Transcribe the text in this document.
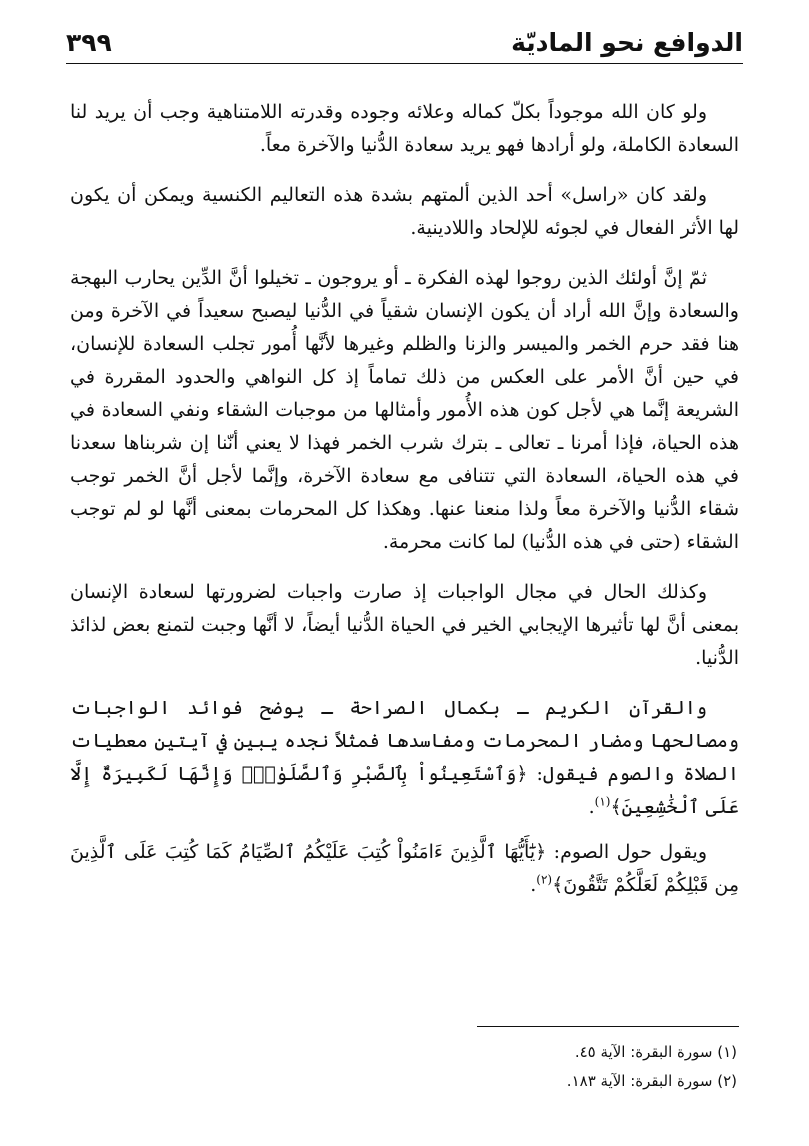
الدوافع نحو الماديّة
٣٩٩

ولو كان الله موجوداً بكلّ كماله وعلائه وجوده وقدرته اللامتناهية وجب أن يريد لنا السعادة الكاملة، ولو أرادها فهو يريد سعادة الدُّنيا والآخرة معاً.

ولقد كان «راسل» أحد الذين ألمتهم بشدة هذه التعاليم الكنسية ويمكن أن يكون لها الأثر الفعال في لجوئه للإلحاد واللادينية.

ثمّ إنَّ أولئك الذين روجوا لهذه الفكرة ـ أو يروجون ـ تخيلوا أنَّ الدِّين يحارب البهجة والسعادة وإنَّ الله أراد أن يكون الإنسان شقياً في الدُّنيا ليصبح سعيداً في الآخرة ومن هنا فقد حرم الخمر والميسر والزنا والظلم وغيرها لأنَّها أُمور تجلب السعادة للإنسان، في حين أنَّ الأمر على العكس من ذلك تماماً إذ كل النواهي والحدود المقررة في الشريعة إنَّما هي لأجل كون هذه الأُمور وأمثالها من موجبات الشقاء ونفي السعادة في هذه الحياة، فإذا أمرنا ـ تعالى ـ بترك شرب الخمر فهذا لا يعني أنّنا إن شربناها سعدنا في هذه الحياة، السعادة التي تتنافى مع سعادة الآخرة، وإنَّما لأجل أنَّ الخمر توجب شقاء الدُّنيا والآخرة معاً ولذا منعنا عنها. وهكذا كل المحرمات بمعنى أنَّها لو لم توجب الشقاء (حتى في هذه الدُّنيا) لما كانت محرمة.

وكذلك الحال في مجال الواجبات إذ صارت واجبات لضرورتها لسعادة الإنسان بمعنى أنَّ لها تأثيرها الإيجابي الخير في الحياة الدُّنيا أيضاً، لا أنَّها وجبت لتمنع بعض لذائذ الدُّنيا.

والقرآن الكريم ـ بكمال الصراحة ـ يوضح فوائد الواجبات ومصالحها ومضار المحرمات ومفاسدها فمثلاً نجده يبين في آيتين معطيات الصلاة والصوم فيقول: ﴿وَٱسْتَعِينُواْ بِٱلصَّبْرِ وَٱلصَّلَوٰةِۚ وَإِنَّهَا لَكَبِيرَةٌ إِلَّا عَلَى ٱلْخَٰشِعِينَ﴾$^{(١)}$.

ويقول حول الصوم: ﴿يَٰٓأَيُّهَا ٱلَّذِينَ ءَامَنُواْ كُتِبَ عَلَيْكُمُ ٱلصِّيَامُ كَمَا كُتِبَ عَلَى ٱلَّذِينَ مِن قَبْلِكُمْ لَعَلَّكُمْ تَتَّقُونَ﴾$^{(٢)}$.

(١) سورة البقرة: الآية ٤٥.
(٢) سورة البقرة: الآية ١٨٣.
